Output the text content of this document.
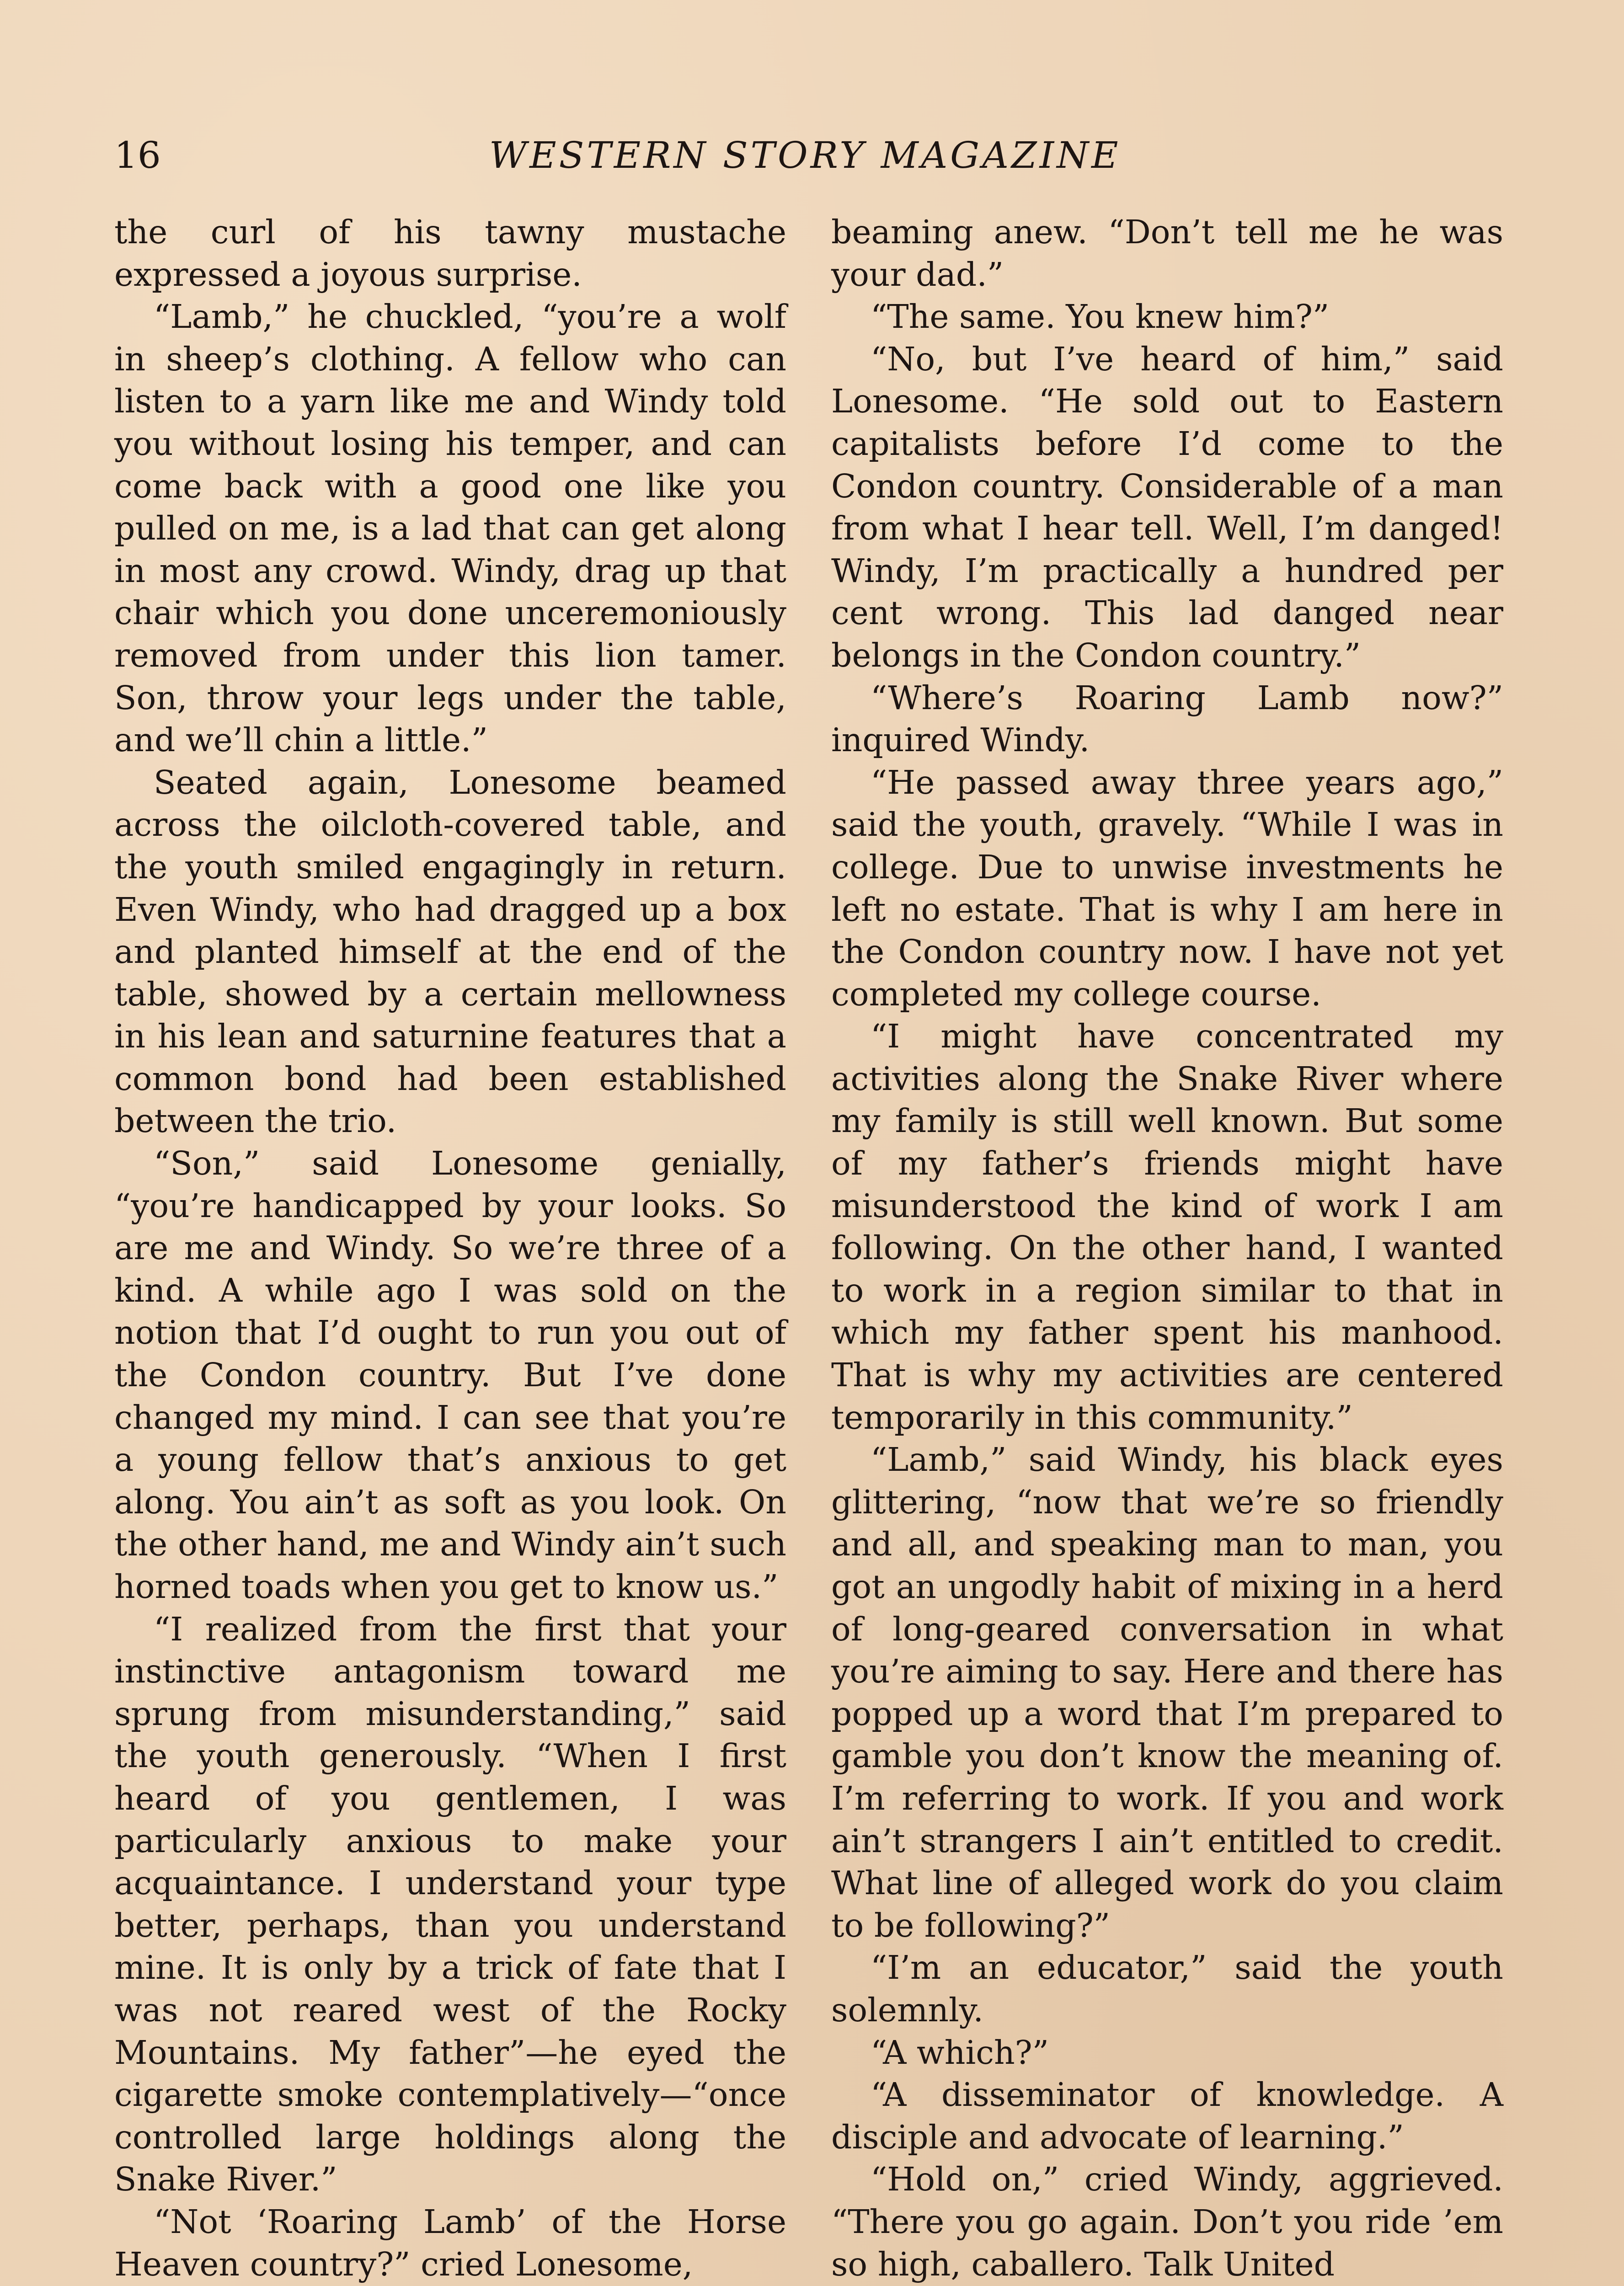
16	WESTERN STORY MAGAZINE

the curl of his tawny mustache expressed a joyous surprise.

“Lamb,” he chuckled, “you’re a wolf in sheep’s clothing. A fellow who can listen to a yarn like me and Windy told you without losing his temper, and can come back with a good one like you pulled on me, is a lad that can get along in most any crowd. Windy, drag up that chair which you done unceremoniously removed from under this lion tamer. Son, throw your legs under the table, and we’ll chin a little.”

Seated again, Lonesome beamed across the oilcloth-covered table, and the youth smiled engagingly in return. Even Windy, who had dragged up a box and planted himself at the end of the table, showed by a certain mellowness in his lean and saturnine features that a common bond had been established between the trio.

“Son,” said Lonesome genially, “you’re handicapped by your looks. So are me and Windy. So we’re three of a kind. A while ago I was sold on the notion that I’d ought to run you out of the Condon country. But I’ve done changed my mind. I can see that you’re a young fellow that’s anxious to get along. You ain’t as soft as you look. On the other hand, me and Windy ain’t such horned toads when you get to know us.”

“I realized from the first that your instinctive antagonism toward me sprung from misunderstanding,” said the youth generously. “When I first heard of you gentlemen, I was particularly anxious to make your acquaintance. I understand your type better, perhaps, than you understand mine. It is only by a trick of fate that I was not reared west of the Rocky Mountains. My father”—he eyed the cigarette smoke contemplatively—“once controlled large holdings along the Snake River.”

“Not ‘Roaring Lamb’ of the Horse Heaven country?” cried Lonesome,

beaming anew. “Don’t tell me he was your dad.”

“The same. You knew him?”

“No, but I’ve heard of him,” said Lonesome. “He sold out to Eastern capitalists before I’d come to the Condon country. Considerable of a man from what I hear tell. Well, I’m danged! Windy, I’m practically a hundred per cent wrong. This lad danged near belongs in the Condon country.”

“Where’s Roaring Lamb now?” inquired Windy.

“He passed away three years ago,” said the youth, gravely. “While I was in college. Due to unwise investments he left no estate. That is why I am here in the Condon country now. I have not yet completed my college course.

“I might have concentrated my activities along the Snake River where my family is still well known. But some of my father’s friends might have misunderstood the kind of work I am following. On the other hand, I wanted to work in a region similar to that in which my father spent his manhood. That is why my activities are centered temporarily in this community.”

“Lamb,” said Windy, his black eyes glittering, “now that we’re so friendly and all, and speaking man to man, you got an ungodly habit of mixing in a herd of long-geared conversation in what you’re aiming to say. Here and there has popped up a word that I’m prepared to gamble you don’t know the meaning of. I’m referring to work. If you and work ain’t strangers I ain’t entitled to credit. What line of alleged work do you claim to be following?”

“I’m an educator,” said the youth solemnly.

“A which?”

“A disseminator of knowledge. A disciple and advocate of learning.”

“Hold on,” cried Windy, aggrieved. “There you go again. Don’t you ride ’em so high, caballero. Talk United
